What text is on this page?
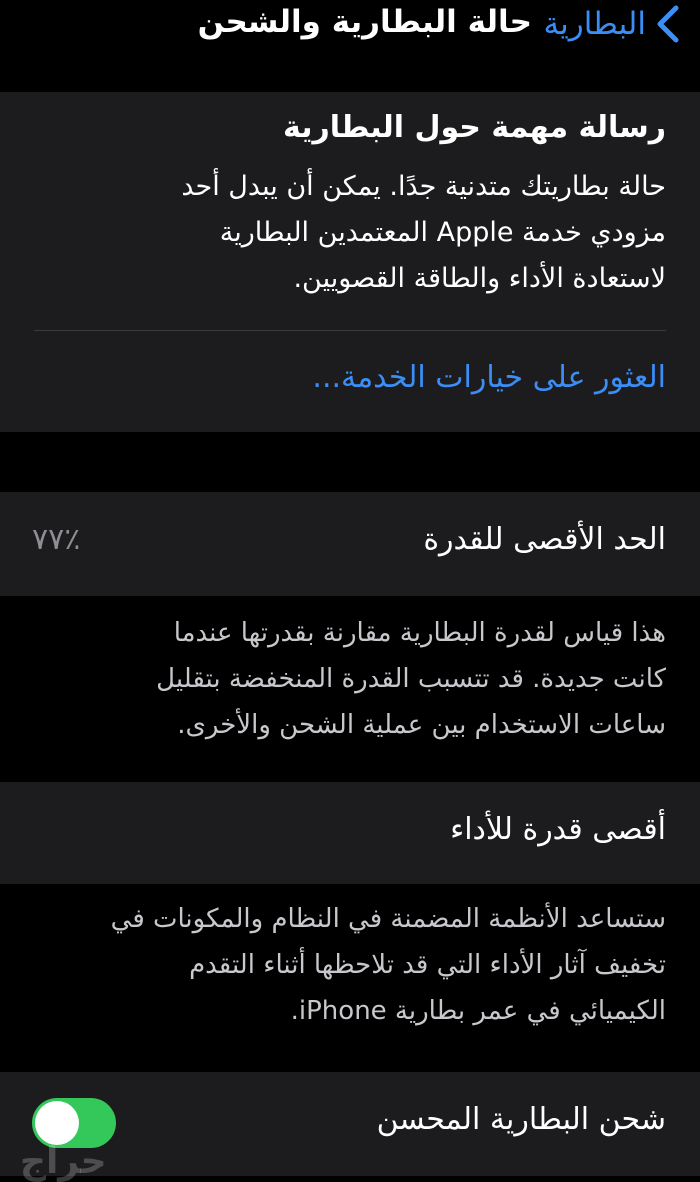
البطارية
حالة البطارية والشحن
رسالة مهمة حول البطارية
حالة بطاريتك متدنية جدًا. يمكن أن يبدل أحد
مزودي خدمة Apple المعتمدين البطارية
لاستعادة الأداء والطاقة القصويين.
العثور على خيارات الخدمة...
الحد الأقصى للقدرة
٪٧٧
هذا قياس لقدرة البطارية مقارنة بقدرتها عندما
كانت جديدة. قد تتسبب القدرة المنخفضة بتقليل
ساعات الاستخدام بين عملية الشحن والأخرى.
أقصى قدرة للأداء
ستساعد الأنظمة المضمنة في النظام والمكونات في
تخفيف آثار الأداء التي قد تلاحظها أثناء التقدم
الكيميائي في عمر بطارية iPhone.
شحن البطارية المحسن
حراج
